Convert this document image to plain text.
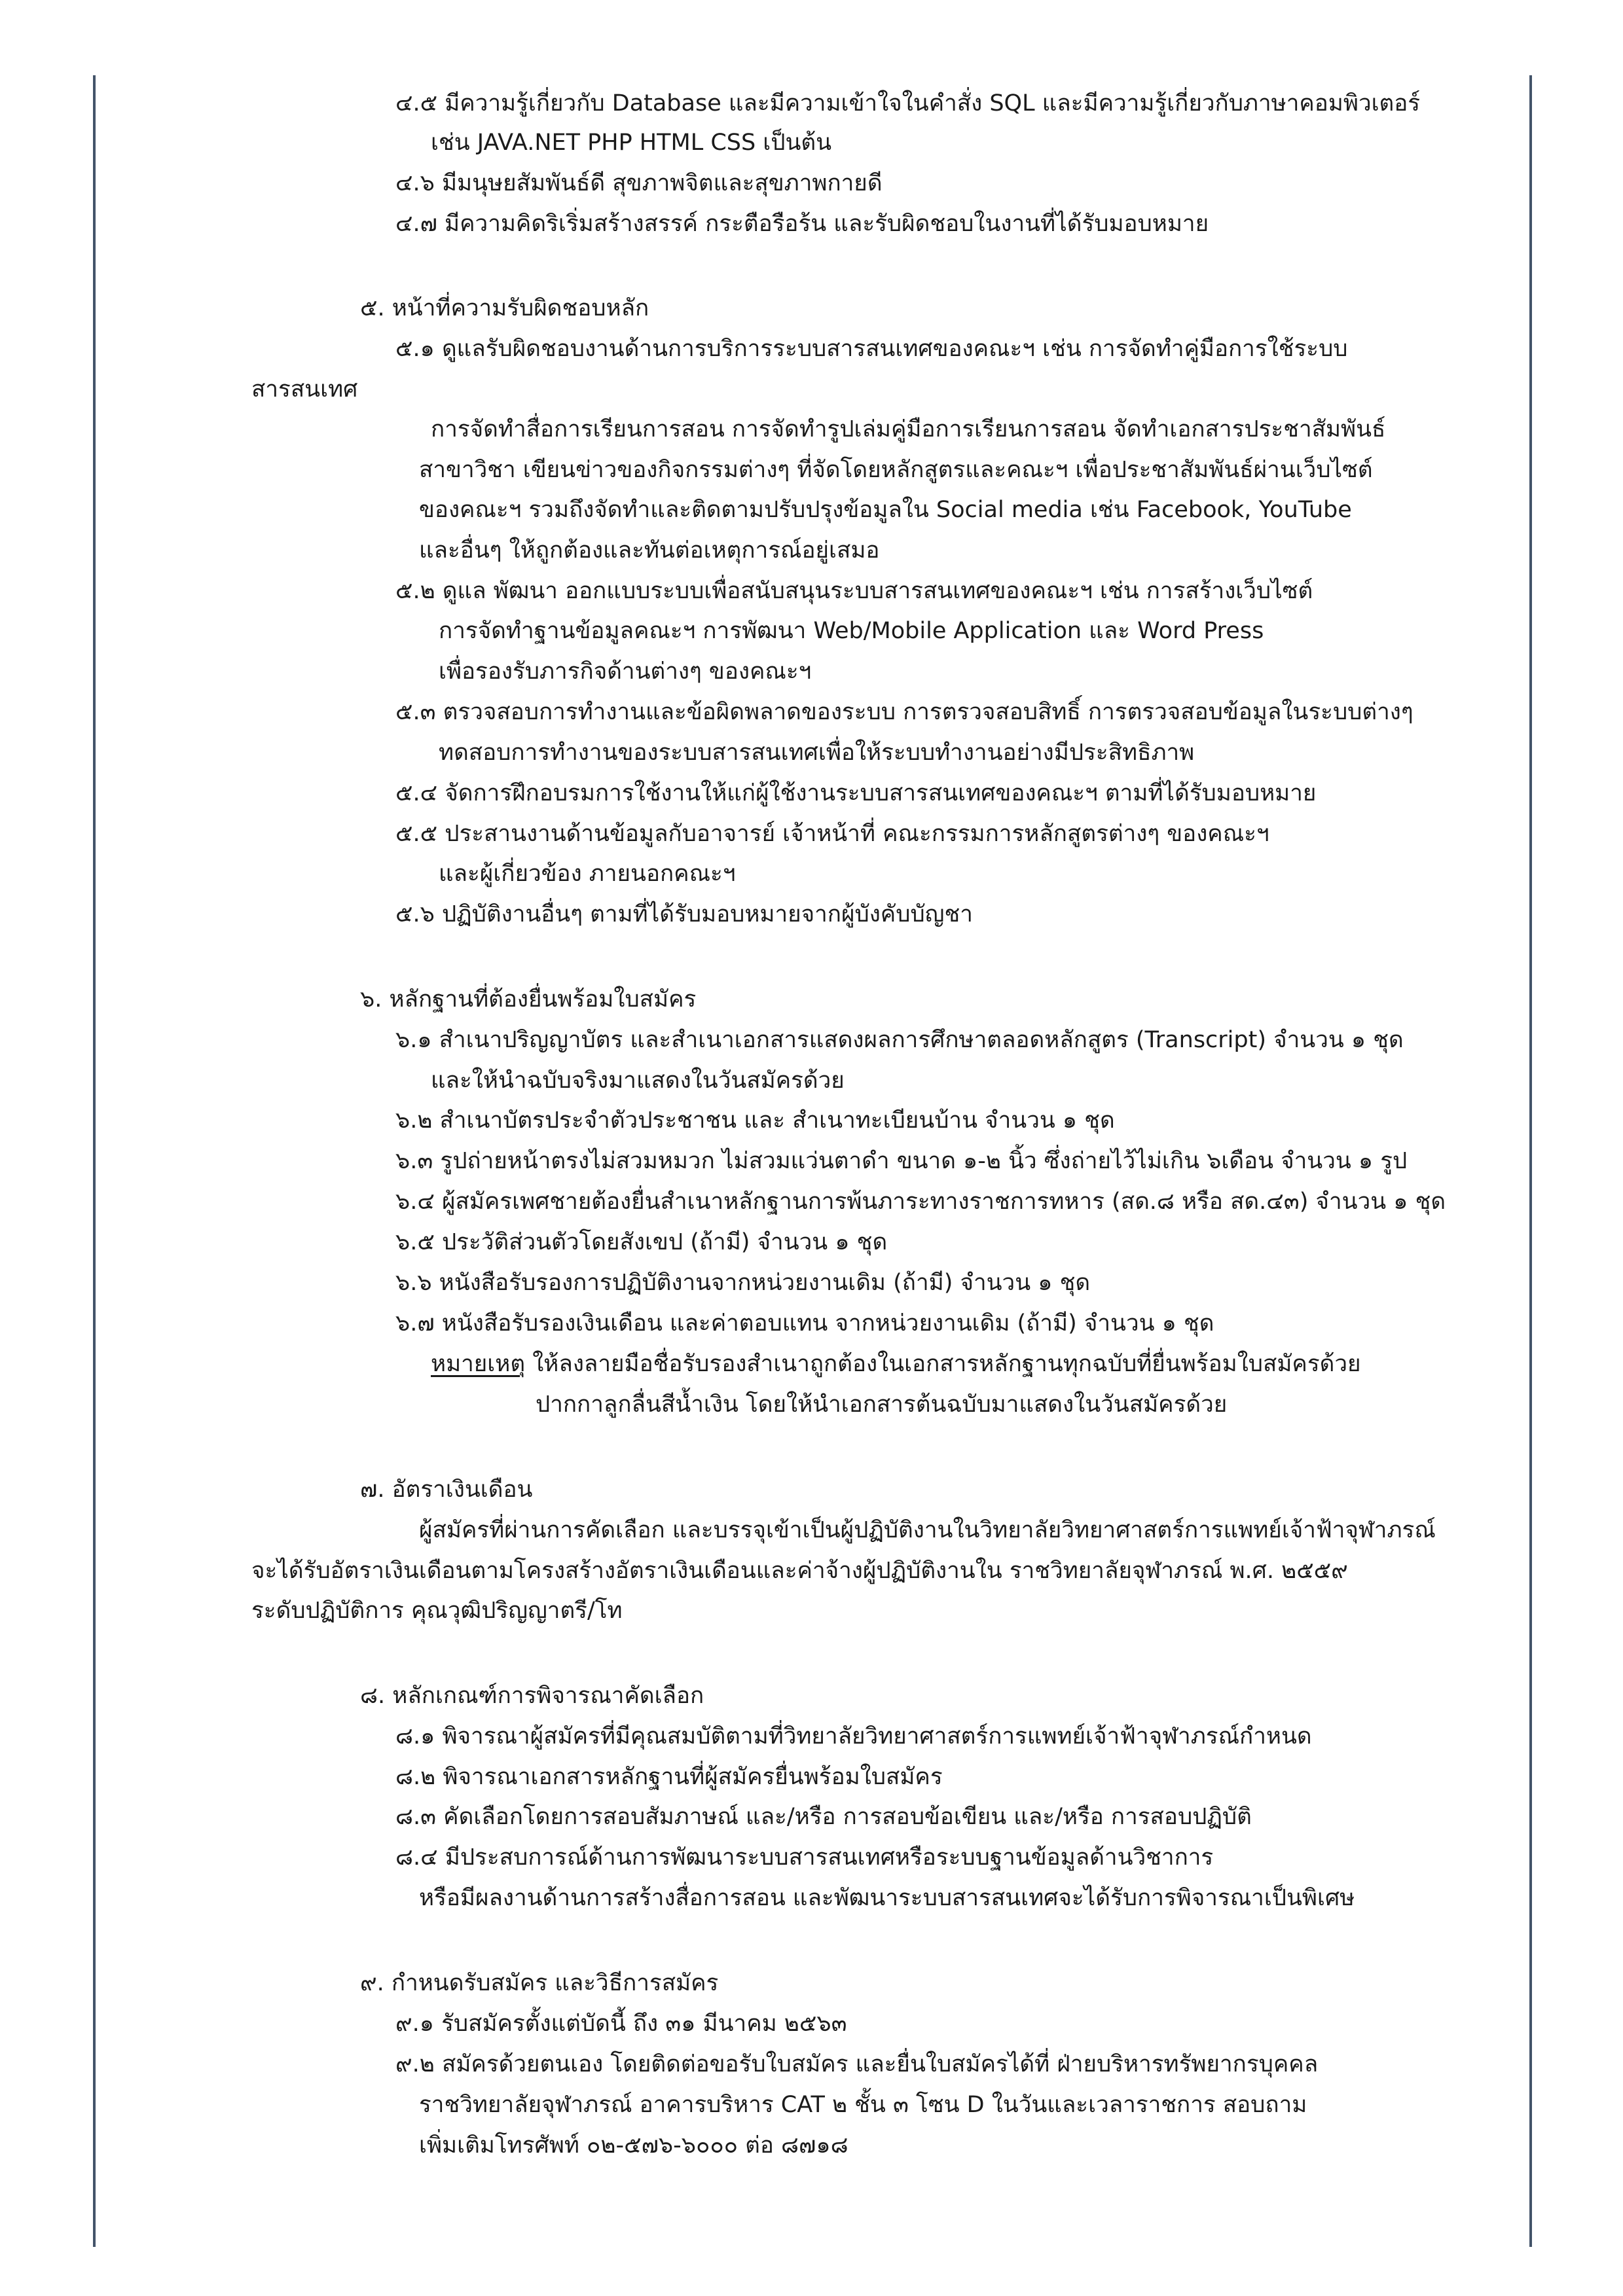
๔.๕ มีความรู้เกี่ยวกับ Database และมีความเข้าใจในคำสั่ง SQL และมีความรู้เกี่ยวกับภาษาคอมพิวเตอร์
เช่น JAVA.NET PHP HTML CSS เป็นต้น
๔.๖ มีมนุษยสัมพันธ์ดี สุขภาพจิตและสุขภาพกายดี
๔.๗ มีความคิดริเริ่มสร้างสรรค์ กระตือรือร้น และรับผิดชอบในงานที่ได้รับมอบหมาย
๕. หน้าที่ความรับผิดชอบหลัก
๕.๑ ดูแลรับผิดชอบงานด้านการบริการระบบสารสนเทศของคณะฯ เช่น การจัดทำคู่มือการใช้ระบบ
สารสนเทศ
การจัดทำสื่อการเรียนการสอน การจัดทำรูปเล่มคู่มือการเรียนการสอน จัดทำเอกสารประชาสัมพันธ์
สาขาวิชา เขียนข่าวของกิจกรรมต่างๆ ที่จัดโดยหลักสูตรและคณะฯ เพื่อประชาสัมพันธ์ผ่านเว็บไซต์
ของคณะฯ รวมถึงจัดทำและติดตามปรับปรุงข้อมูลใน Social media เช่น Facebook, YouTube
และอื่นๆ ให้ถูกต้องและทันต่อเหตุการณ์อยู่เสมอ
๕.๒ ดูแล พัฒนา ออกแบบระบบเพื่อสนับสนุนระบบสารสนเทศของคณะฯ เช่น การสร้างเว็บไซต์
การจัดทำฐานข้อมูลคณะฯ การพัฒนา Web/Mobile Application และ Word Press
เพื่อรองรับภารกิจด้านต่างๆ ของคณะฯ
๕.๓ ตรวจสอบการทำงานและข้อผิดพลาดของระบบ การตรวจสอบสิทธิ์ การตรวจสอบข้อมูลในระบบต่างๆ
ทดสอบการทำงานของระบบสารสนเทศเพื่อให้ระบบทำงานอย่างมีประสิทธิภาพ
๕.๔ จัดการฝึกอบรมการใช้งานให้แก่ผู้ใช้งานระบบสารสนเทศของคณะฯ ตามที่ได้รับมอบหมาย
๕.๕ ประสานงานด้านข้อมูลกับอาจารย์ เจ้าหน้าที่ คณะกรรมการหลักสูตรต่างๆ ของคณะฯ
และผู้เกี่ยวข้อง ภายนอกคณะฯ
๕.๖ ปฏิบัติงานอื่นๆ ตามที่ได้รับมอบหมายจากผู้บังคับบัญชา
๖. หลักฐานที่ต้องยื่นพร้อมใบสมัคร
๖.๑ สำเนาปริญญาบัตร และสำเนาเอกสารแสดงผลการศึกษาตลอดหลักสูตร (Transcript) จำนวน ๑ ชุด
และให้นำฉบับจริงมาแสดงในวันสมัครด้วย
๖.๒ สำเนาบัตรประจำตัวประชาชน และ สำเนาทะเบียนบ้าน จำนวน ๑ ชุด
๖.๓ รูปถ่ายหน้าตรงไม่สวมหมวก ไม่สวมแว่นตาดำ ขนาด ๑-๒ นิ้ว ซึ่งถ่ายไว้ไม่เกิน ๖เดือน จำนวน ๑ รูป
๖.๔ ผู้สมัครเพศชายต้องยื่นสำเนาหลักฐานการพ้นภาระทางราชการทหาร (สด.๘ หรือ สด.๔๓) จำนวน ๑ ชุด
๖.๕ ประวัติส่วนตัวโดยสังเขป (ถ้ามี) จำนวน ๑ ชุด
๖.๖ หนังสือรับรองการปฏิบัติงานจากหน่วยงานเดิม (ถ้ามี) จำนวน ๑ ชุด
๖.๗ หนังสือรับรองเงินเดือน และค่าตอบแทน จากหน่วยงานเดิม (ถ้ามี) จำนวน ๑ ชุด
หมายเหตุ ให้ลงลายมือชื่อรับรองสำเนาถูกต้องในเอกสารหลักฐานทุกฉบับที่ยื่นพร้อมใบสมัครด้วย
ปากกาลูกลื่นสีน้ำเงิน โดยให้นำเอกสารต้นฉบับมาแสดงในวันสมัครด้วย
๗. อัตราเงินเดือน
ผู้สมัครที่ผ่านการคัดเลือก และบรรจุเข้าเป็นผู้ปฏิบัติงานในวิทยาลัยวิทยาศาสตร์การแพทย์เจ้าฟ้าจุฬาภรณ์
จะได้รับอัตราเงินเดือนตามโครงสร้างอัตราเงินเดือนและค่าจ้างผู้ปฏิบัติงานใน ราชวิทยาลัยจุฬาภรณ์ พ.ศ. ๒๕๕๙
ระดับปฏิบัติการ คุณวุฒิปริญญาตรี/โท
๘. หลักเกณฑ์การพิจารณาคัดเลือก
๘.๑ พิจารณาผู้สมัครที่มีคุณสมบัติตามที่วิทยาลัยวิทยาศาสตร์การแพทย์เจ้าฟ้าจุฬาภรณ์กำหนด
๘.๒ พิจารณาเอกสารหลักฐานที่ผู้สมัครยื่นพร้อมใบสมัคร
๘.๓ คัดเลือกโดยการสอบสัมภาษณ์ และ/หรือ การสอบข้อเขียน และ/หรือ การสอบปฏิบัติ
๘.๔ มีประสบการณ์ด้านการพัฒนาระบบสารสนเทศหรือระบบฐานข้อมูลด้านวิชาการ
หรือมีผลงานด้านการสร้างสื่อการสอน และพัฒนาระบบสารสนเทศจะได้รับการพิจารณาเป็นพิเศษ
๙. กำหนดรับสมัคร และวิธีการสมัคร
๙.๑ รับสมัครตั้งแต่บัดนี้ ถึง ๓๑ มีนาคม ๒๕๖๓
๙.๒ สมัครด้วยตนเอง โดยติดต่อขอรับใบสมัคร และยื่นใบสมัครได้ที่ ฝ่ายบริหารทรัพยากรบุคคล
ราชวิทยาลัยจุฬาภรณ์ อาคารบริหาร CAT ๒ ชั้น ๓ โซน D ในวันและเวลาราชการ สอบถาม
เพิ่มเติมโทรศัพท์ ๐๒-๕๗๖-๖๐๐๐ ต่อ ๘๗๑๘
